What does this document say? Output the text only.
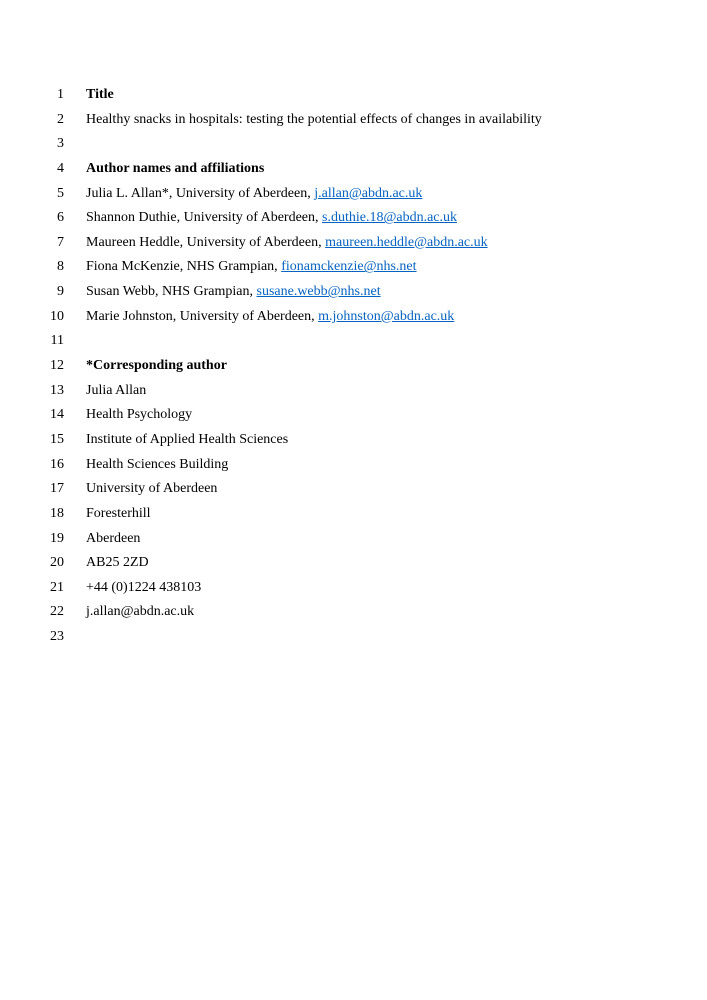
1 Title
2 Healthy snacks in hospitals: testing the potential effects of changes in availability
3
4 Author names and affiliations
5 Julia L. Allan*, University of Aberdeen, j.allan@abdn.ac.uk
6 Shannon Duthie, University of Aberdeen, s.duthie.18@abdn.ac.uk
7 Maureen Heddle, University of Aberdeen, maureen.heddle@abdn.ac.uk
8 Fiona McKenzie, NHS Grampian, fionamckenzie@nhs.net
9 Susan Webb, NHS Grampian, susane.webb@nhs.net
10 Marie Johnston, University of Aberdeen, m.johnston@abdn.ac.uk
11
12 *Corresponding author
13 Julia Allan
14 Health Psychology
15 Institute of Applied Health Sciences
16 Health Sciences Building
17 University of Aberdeen
18 Foresterhill
19 Aberdeen
20 AB25 2ZD
21 +44 (0)1224 438103
22 j.allan@abdn.ac.uk
23
